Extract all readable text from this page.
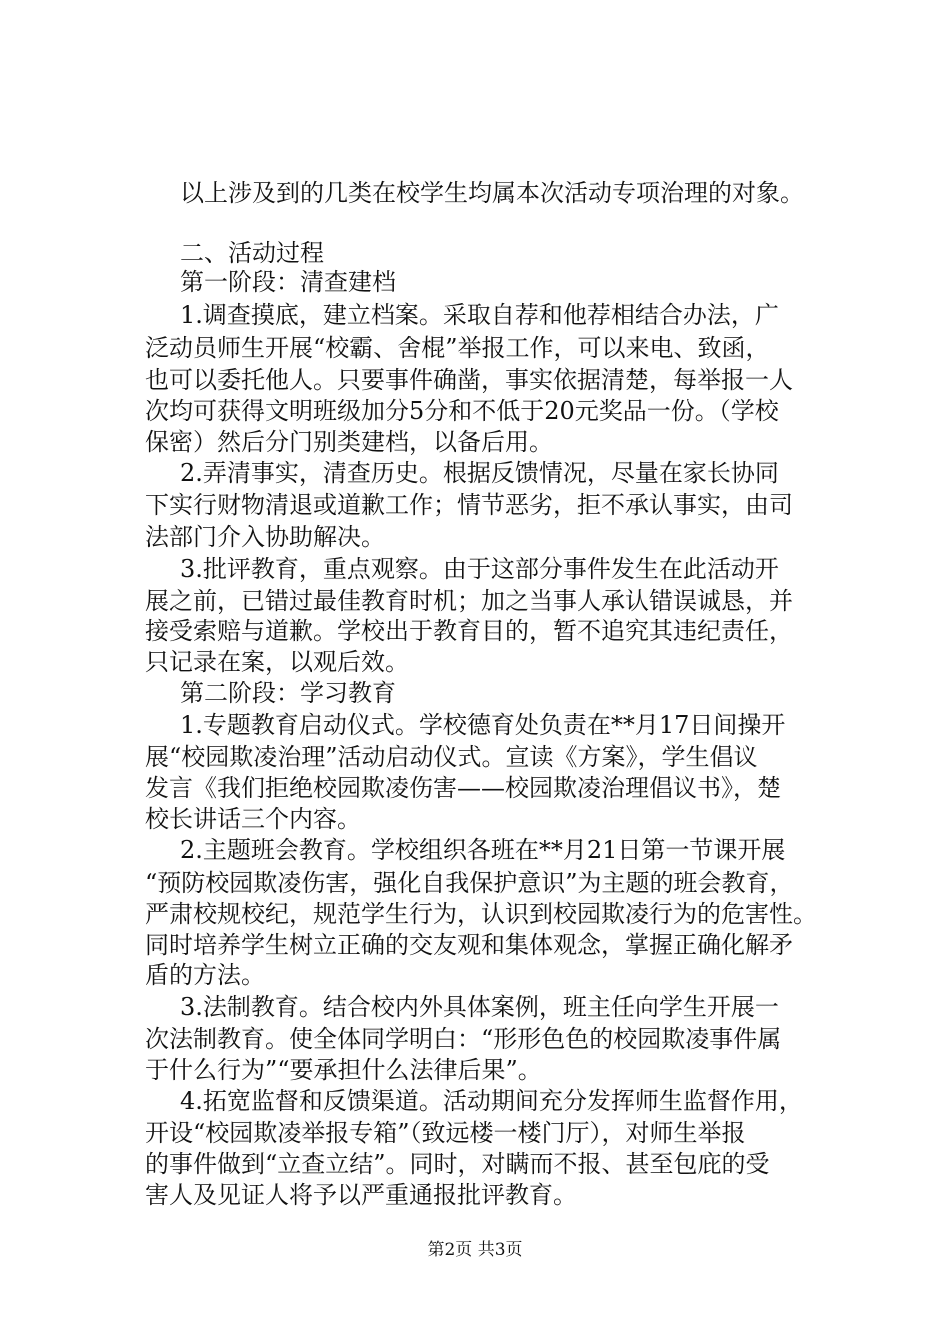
以上涉及到的几类在校学生均属本次活动专项治理的对象。
二、活动过程
第一阶段：清查建档
1.调查摸底，建立档案。采取自荐和他荐相结合办法，广
泛动员师生开展“校霸、舍棍”举报工作，可以来电、致函，
也可以委托他人。只要事件确凿，事实依据清楚，每举报一人
次均可获得文明班级加分5分和不低于20元奖品一份。（学校
保密）然后分门别类建档，以备后用。
2.弄清事实，清查历史。根据反馈情况，尽量在家长协同
下实行财物清退或道歉工作；情节恶劣，拒不承认事实，由司
法部门介入协助解决。
3.批评教育，重点观察。由于这部分事件发生在此活动开
展之前，已错过最佳教育时机；加之当事人承认错误诚恳，并
接受索赔与道歉。学校出于教育目的，暂不追究其违纪责任，
只记录在案，以观后效。
第二阶段：学习教育
1.专题教育启动仪式。学校德育处负责在**月17日间操开
展“校园欺凌治理”活动启动仪式。宣读《方案》，学生倡议
发言《我们拒绝校园欺凌伤害——校园欺凌治理倡议书》，楚
校长讲话三个内容。
2.主题班会教育。学校组织各班在**月21日第一节课开展
“预防校园欺凌伤害，强化自我保护意识”为主题的班会教育，
严肃校规校纪，规范学生行为，认识到校园欺凌行为的危害性。
同时培养学生树立正确的交友观和集体观念，掌握正确化解矛
盾的方法。
3.法制教育。结合校内外具体案例，班主任向学生开展一
次法制教育。使全体同学明白：“形形色色的校园欺凌事件属
于什么行为”“要承担什么法律后果”。
4.拓宽监督和反馈渠道。活动期间充分发挥师生监督作用，
开设“校园欺凌举报专箱”（致远楼一楼门厅），对师生举报
的事件做到“立查立结”。同时，对瞒而不报、甚至包庇的受
害人及见证人将予以严重通报批评教育。
第2页 共3页
